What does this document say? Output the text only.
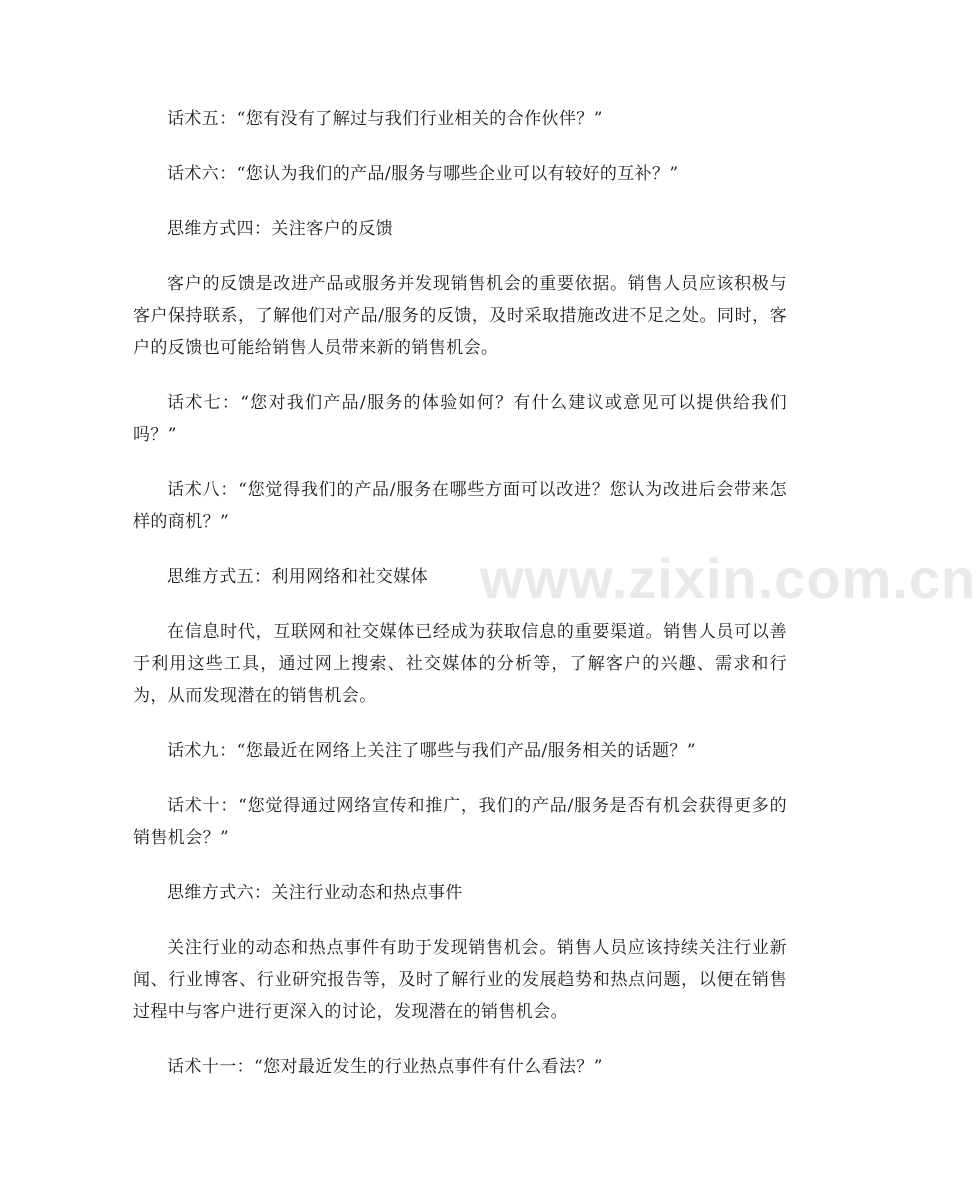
www.zixin.com.cn

话术五：“您有没有了解过与我们行业相关的合作伙伴？”

话术六：“您认为我们的产品/服务与哪些企业可以有较好的互补？”

思维方式四：关注客户的反馈

客户的反馈是改进产品或服务并发现销售机会的重要依据。销售人员应该积极与客户保持联系，了解他们对产品/服务的反馈，及时采取措施改进不足之处。同时，客户的反馈也可能给销售人员带来新的销售机会。

话术七：“您对我们产品/服务的体验如何？有什么建议或意见可以提供给我们吗？”

话术八：“您觉得我们的产品/服务在哪些方面可以改进？您认为改进后会带来怎样的商机？”

思维方式五：利用网络和社交媒体

在信息时代，互联网和社交媒体已经成为获取信息的重要渠道。销售人员可以善于利用这些工具，通过网上搜索、社交媒体的分析等，了解客户的兴趣、需求和行为，从而发现潜在的销售机会。

话术九：“您最近在网络上关注了哪些与我们产品/服务相关的话题？”

话术十：“您觉得通过网络宣传和推广，我们的产品/服务是否有机会获得更多的销售机会？”

思维方式六：关注行业动态和热点事件

关注行业的动态和热点事件有助于发现销售机会。销售人员应该持续关注行业新闻、行业博客、行业研究报告等，及时了解行业的发展趋势和热点问题，以便在销售过程中与客户进行更深入的讨论，发现潜在的销售机会。

话术十一：“您对最近发生的行业热点事件有什么看法？”
